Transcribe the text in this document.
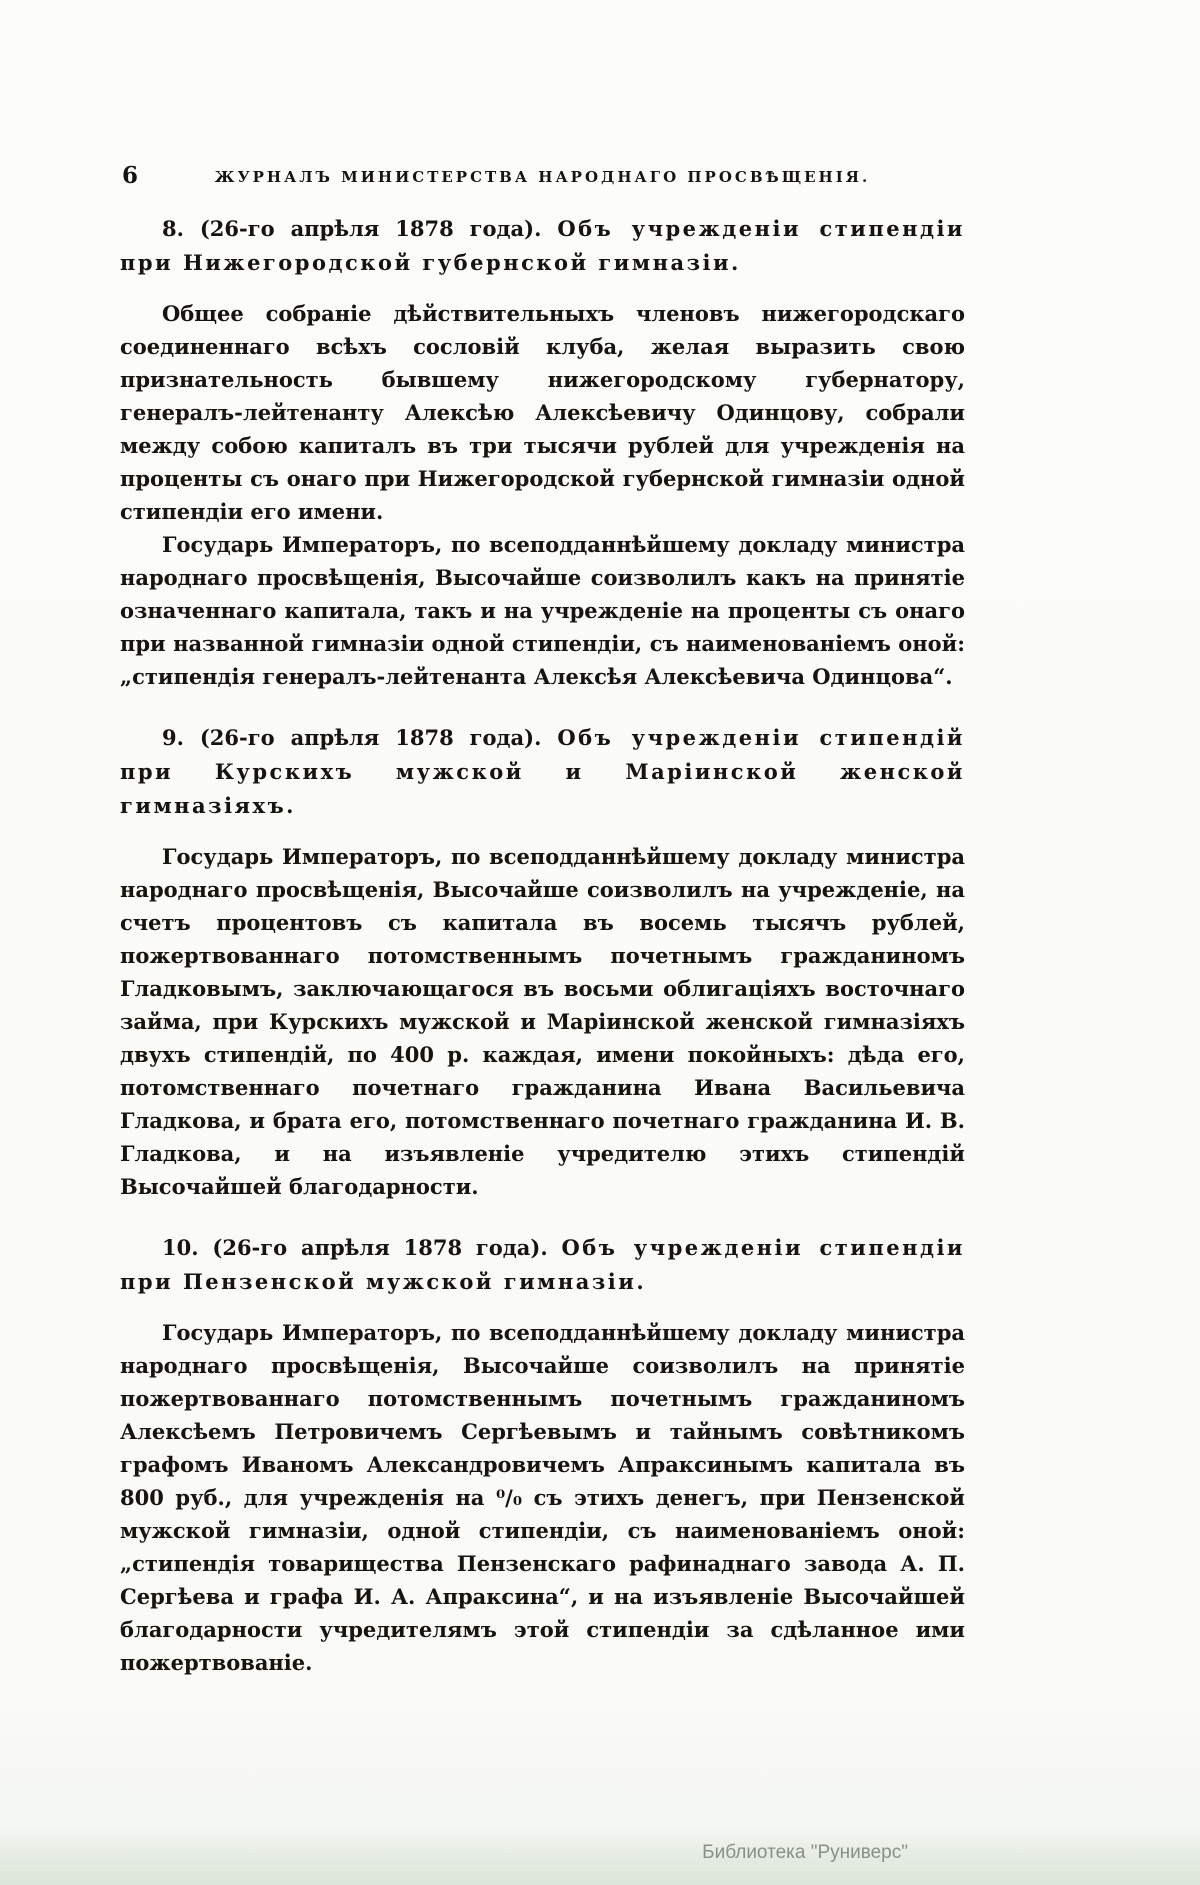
6	ЖУРНАЛЪ МИНИСТЕРСТВА НАРОДНАГО ПРОСВѢЩЕНІЯ.
8. (26-го апрѣля 1878 года). Объ учрежденіи стипендіи при Нижегородской губернской гимназіи.

Общее собраніе дѣйствительныхъ членовъ нижегородскаго соединеннаго всѣхъ сословій клуба, желая выразить свою признательность бывшему нижегородскому губернатору, генералъ-лейтенанту Алексѣю Алексѣевичу Одинцову, собрали между собою капиталъ въ три тысячи рублей для учрежденія на проценты съ онаго при Нижегородской губернской гимназіи одной стипендіи его имени.

Государь Императоръ, по всеподданнѣйшему докладу министра народнаго просвѣщенія, Высочайше соизволилъ какъ на принятіе означеннаго капитала, такъ и на учрежденіе на проценты съ онаго при названной гимназіи одной стипендіи, съ наименованіемъ оной: „стипендія генералъ-лейтенанта Алексѣя Алексѣевича Одинцова“.

9. (26-го апрѣля 1878 года). Объ учрежденіи стипендій при Курскихъ мужской и Маріинской женской гимназіяхъ.

Государь Императоръ, по всеподданнѣйшему докладу министра народнаго просвѣщенія, Высочайше соизволилъ на учрежденіе, на счетъ процентовъ съ капитала въ восемь тысячъ рублей, пожертвованнаго потомственнымъ почетнымъ гражданиномъ Гладковымъ, заключающагося въ восьми облигаціяхъ восточнаго займа, при Курскихъ мужской и Маріинской женской гимназіяхъ двухъ стипендій, по 400 р. каждая, имени покойныхъ: дѣда его, потомственнаго почетнаго гражданина Ивана Васильевича Гладкова, и брата его, потомственнаго почетнаго гражданина И. В. Гладкова, и на изъявленіе учредителю этихъ стипендій Высочайшей благодарности.

10. (26-го апрѣля 1878 года). Объ учрежденіи стипендіи при Пензенской мужской гимназіи.

Государь Императоръ, по всеподданнѣйшему докладу министра народнаго просвѣщенія, Высочайше соизволилъ на принятіе пожертвованнаго потомственнымъ почетнымъ гражданиномъ Алексѣемъ Петровичемъ Сергѣевымъ и тайнымъ совѣтникомъ графомъ Иваномъ Александровичемъ Апраксинымъ капитала въ 800 руб., для учрежденія на ⁰/₀ съ этихъ денегъ, при Пензенской мужской гимназіи, одной стипендіи, съ наименованіемъ оной: „стипендія товарищества Пензенскаго рафинаднаго завода А. П. Сергѣева и графа И. А. Апраксина“, и на изъявленіе Высочайшей благодарности учредителямъ этой стипендіи за сдѣланное ими пожертвованіе.

Библиотека "Руниверс"
